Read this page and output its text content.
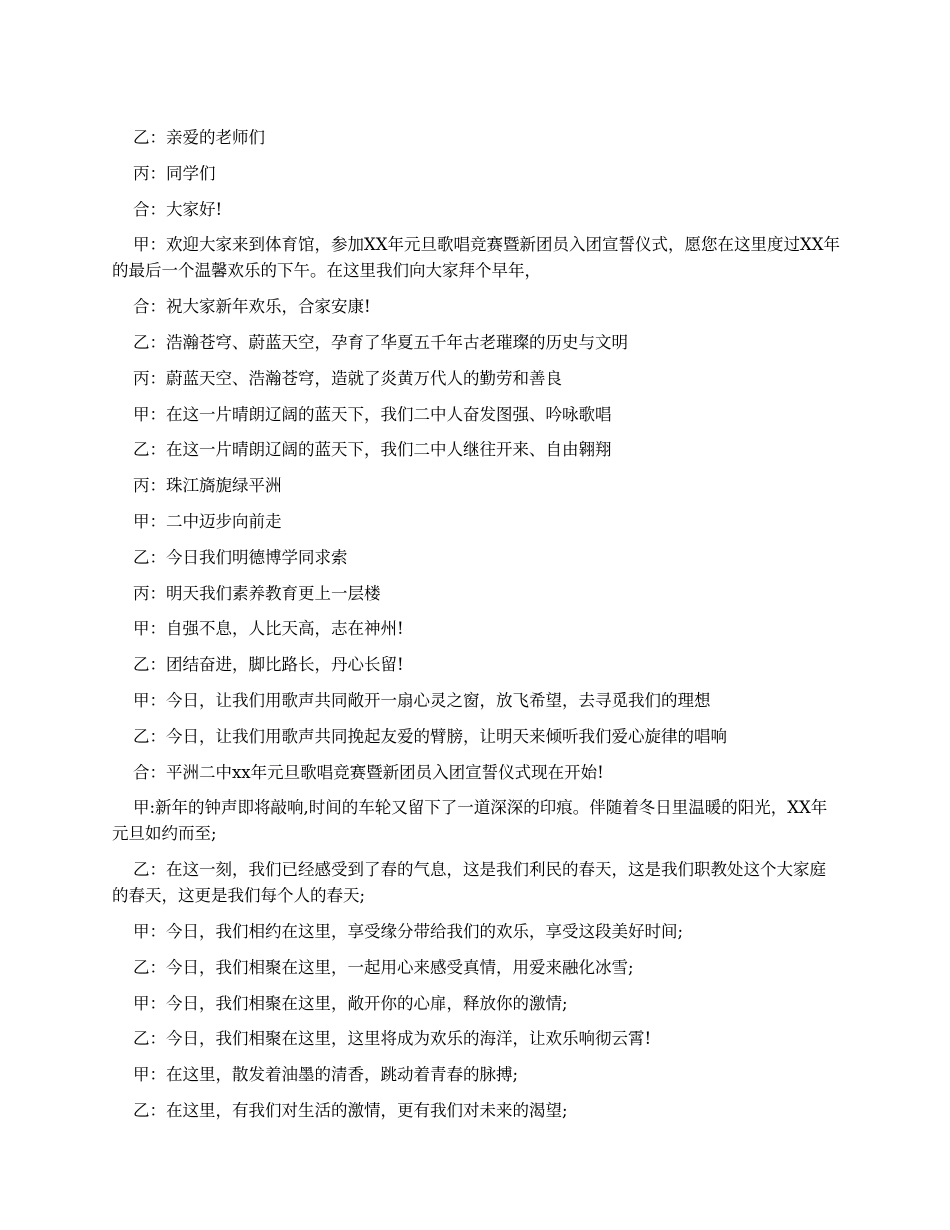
乙：亲爱的老师们

丙：同学们

合：大家好!

甲：欢迎大家来到体育馆，参加XX年元旦歌唱竞赛暨新团员入团宣誓仪式，愿您在这里度过XX年的最后一个温馨欢乐的下午。在这里我们向大家拜个早年，

合：祝大家新年欢乐，合家安康!

乙：浩瀚苍穹、蔚蓝天空，孕育了华夏五千年古老璀璨的历史与文明

丙：蔚蓝天空、浩瀚苍穹，造就了炎黄万代人的勤劳和善良

甲：在这一片晴朗辽阔的蓝天下，我们二中人奋发图强、吟咏歌唱

乙：在这一片晴朗辽阔的蓝天下，我们二中人继往开来、自由翱翔

丙：珠江旖旎绿平洲

甲：二中迈步向前走

乙：今日我们明德博学同求索

丙：明天我们素养教育更上一层楼

甲：自强不息，人比天高，志在神州!

乙：团结奋进，脚比路长，丹心长留!

甲：今日，让我们用歌声共同敞开一扇心灵之窗，放飞希望，去寻觅我们的理想

乙：今日，让我们用歌声共同挽起友爱的臂膀，让明天来倾听我们爱心旋律的唱响

合：平洲二中xx年元旦歌唱竞赛暨新团员入团宣誓仪式现在开始!

甲:新年的钟声即将敲响,时间的车轮又留下了一道深深的印痕。伴随着冬日里温暖的阳光，XX年元旦如约而至;

乙：在这一刻，我们已经感受到了春的气息，这是我们利民的春天，这是我们职教处这个大家庭的春天，这更是我们每个人的春天;

甲：今日，我们相约在这里，享受缘分带给我们的欢乐，享受这段美好时间;

乙：今日，我们相聚在这里，一起用心来感受真情，用爱来融化冰雪;

甲：今日，我们相聚在这里，敞开你的心扉，释放你的激情;

乙：今日，我们相聚在这里，这里将成为欢乐的海洋，让欢乐响彻云霄!

甲：在这里，散发着油墨的清香，跳动着青春的脉搏;

乙：在这里，有我们对生活的激情，更有我们对未来的渴望;
